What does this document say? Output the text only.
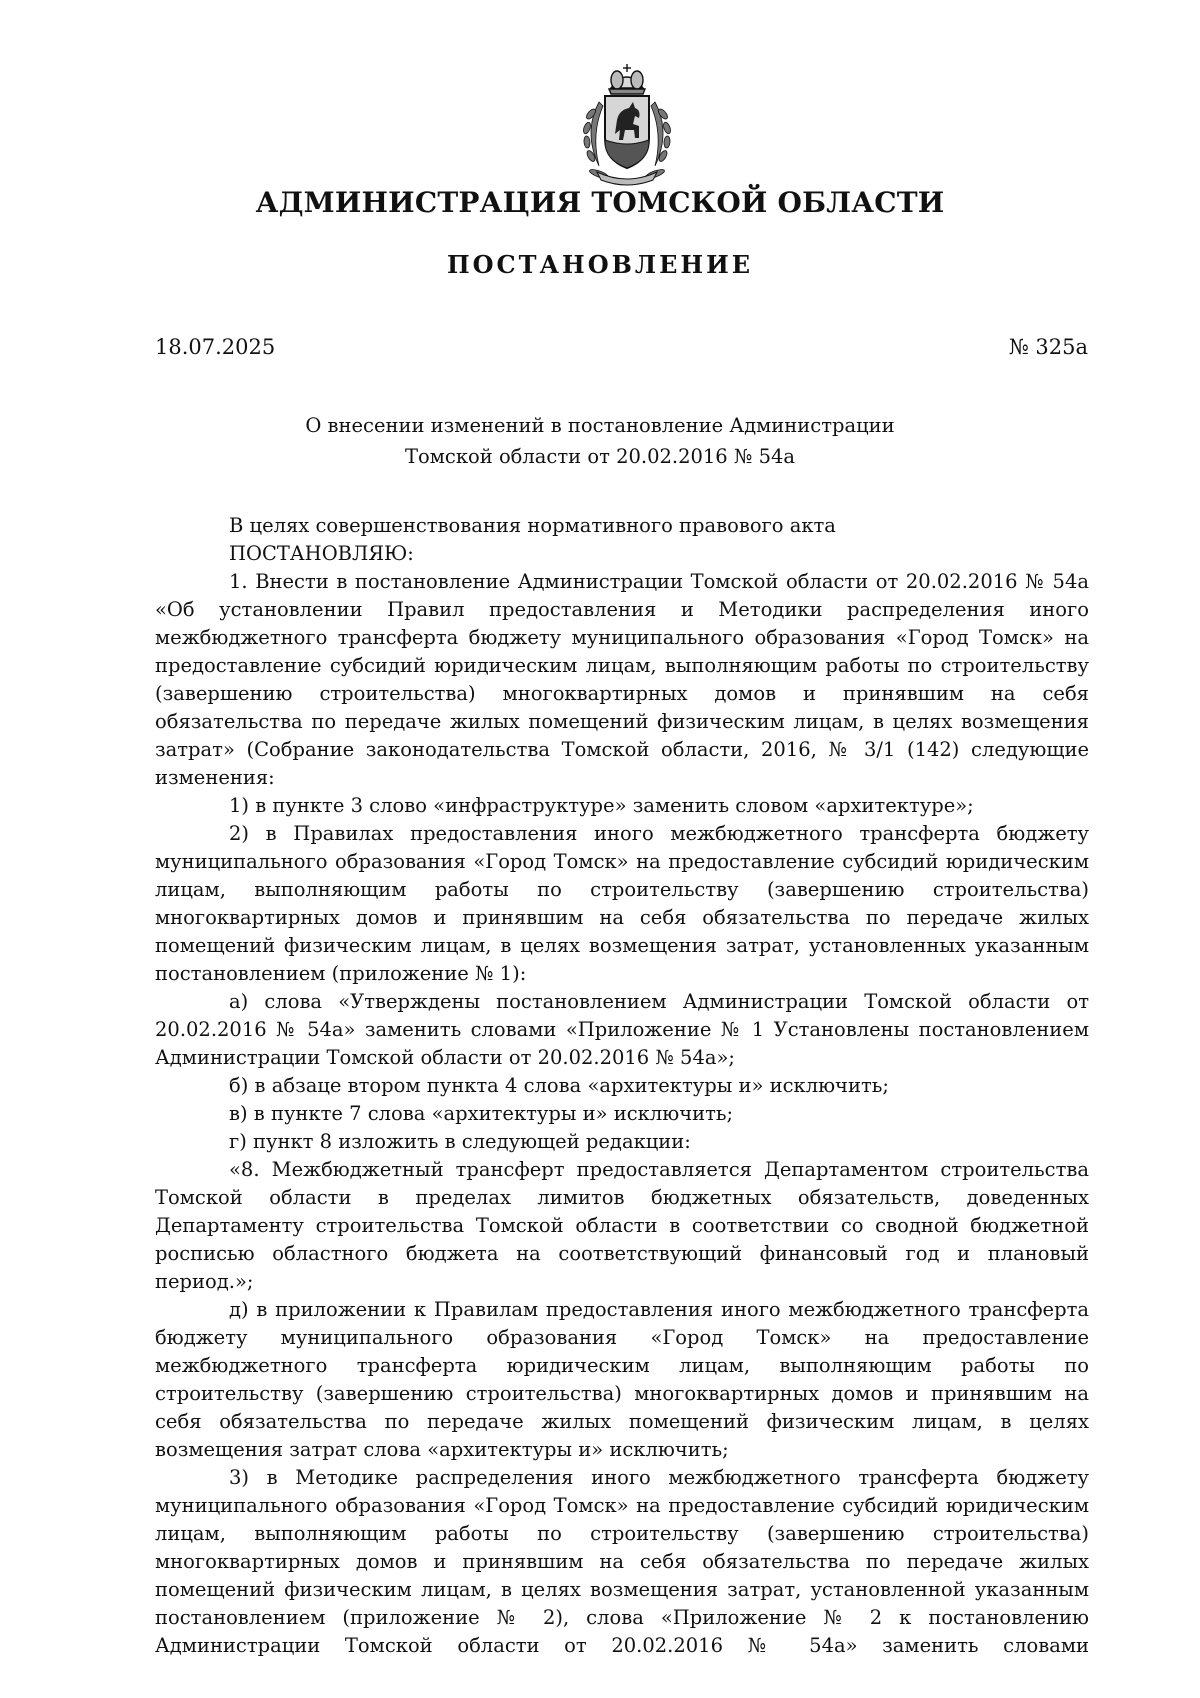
АДМИНИСТРАЦИЯ ТОМСКОЙ ОБЛАСТИ
ПОСТАНОВЛЕНИЕ
18.07.2025	№ 325а
О внесении изменений в постановление Администрации
Томской области от 20.02.2016 № 54а

В целях совершенствования нормативного правового акта

ПОСТАНОВЛЯЮ:

1. Внести в постановление Администрации Томской области от 20.02.2016 № 54а «Об установлении Правил предоставления и Методики распределения иного межбюджетного трансферта бюджету муниципального образования «Город Томск» на предоставление субсидий юридическим лицам, выполняющим работы по строительству (завершению строительства) многоквартирных домов и принявшим на себя обязательства по передаче жилых помещений физическим лицам, в целях возмещения затрат» (Собрание законодательства Томской области, 2016, № 3/1 (142) следующие изменения:

1) в пункте 3 слово «инфраструктуре» заменить словом «архитектуре»;

2) в Правилах предоставления иного межбюджетного трансферта бюджету муниципального образования «Город Томск» на предоставление субсидий юридическим лицам, выполняющим работы по строительству (завершению строительства) многоквартирных домов и принявшим на себя обязательства по передаче жилых помещений физическим лицам, в целях возмещения затрат, установленных указанным постановлением (приложение № 1):

а) слова «Утверждены постановлением Администрации Томской области от 20.02.2016 № 54а» заменить словами «Приложение № 1 Установлены постановлением Администрации Томской области от 20.02.2016 № 54а»;

б) в абзаце втором пункта 4 слова «архитектуры и» исключить;

в) в пункте 7 слова «архитектуры и» исключить;

г) пункт 8 изложить в следующей редакции:

«8. Межбюджетный трансферт предоставляется Департаментом строительства Томской области в пределах лимитов бюджетных обязательств, доведенных Департаменту строительства Томской области в соответствии со сводной бюджетной росписью областного бюджета на соответствующий финансовый год и плановый период.»;

д) в приложении к Правилам предоставления иного межбюджетного трансферта бюджету муниципального образования «Город Томск» на предоставление межбюджетного трансферта юридическим лицам, выполняющим работы по строительству (завершению строительства) многоквартирных домов и принявшим на себя обязательства по передаче жилых помещений физическим лицам, в целях возмещения затрат слова «архитектуры и» исключить;

3) в Методике распределения иного межбюджетного трансферта бюджету муниципального образования «Город Томск» на предоставление субсидий юридическим лицам, выполняющим работы по строительству (завершению строительства) многоквартирных домов и принявшим на себя обязательства по передаче жилых помещений физическим лицам, в целях возмещения затрат, установленной указанным постановлением (приложение № 2), слова «Приложение № 2 к постановлению Администрации Томской области от 20.02.2016 № 54а» заменить словами
